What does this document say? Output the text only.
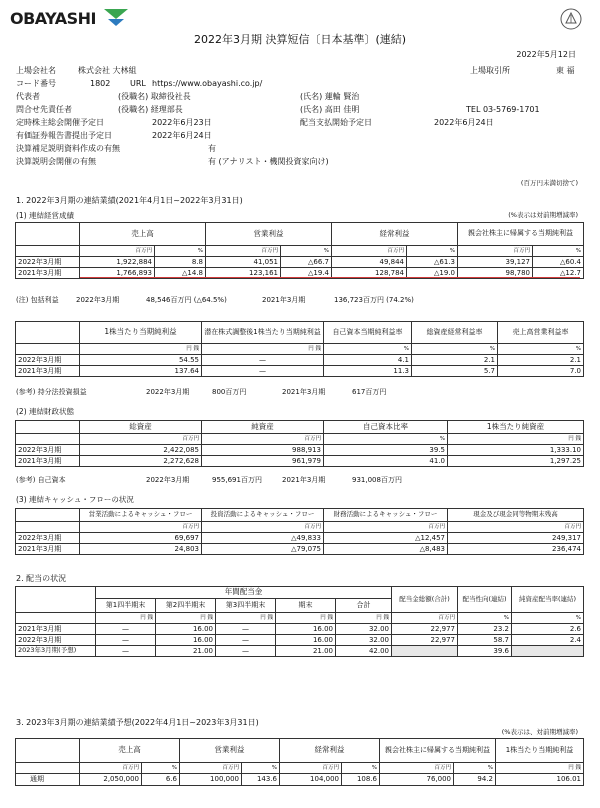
OBAYASHI
2022年3月期 決算短信〔日本基準〕(連結)
2022年5月12日
上場会社名	株式会社 大林組	上場取引所	東 福
コード番号	1802 URL https://www.obayashi.co.jp/
代表者	(役職名) 取締役社長	(氏名) 蓮輪 賢治
問合せ先責任者	(役職名) 経理部長	(氏名) 高田 佳明	TEL 03-5769-1701
定時株主総会開催予定日	2022年6月23日	配当支払開始予定日	2022年6月24日
有価証券報告書提出予定日	2022年6月24日
決算補足説明資料作成の有無	有
決算説明会開催の有無	有 (アナリスト・機関投資家向け)
(百万円未満切捨て)
1. 2022年3月期の連結業績(2021年4月1日~2022年3月31日)
(1) 連結経営成績	(%表示は対前期増減率)
	売上高		営業利益		経常利益		親会社株主に帰属する当期純利益	
	百万円	%	百万円	%	百万円	%	百万円	%
2022年3月期	1,922,884	8.8	41,051	△66.7	49,844	△61.3	39,127	△60.4
2021年3月期	1,766,893	△14.8	123,161	△19.4	128,784	△19.0	98,780	△12.7
(注) 包括利益 2022年3月期	48,546百万円 (△64.5%)	2021年3月期	136,723百万円 (74.2%)
	1株当たり当期純利益	潜在株式調整後1株当たり当期純利益	自己資本当期純利益率	総資産経常利益率	売上高営業利益率
	円 銭	円 銭	%	%	%
2022年3月期	54.55	—	4.1	2.1	2.1
2021年3月期	137.64	—	11.3	5.7	7.0
(参考) 持分法投資損益	2022年3月期	800百万円	2021年3月期	617百万円
(2) 連結財政状態
	総資産	純資産	自己資本比率	1株当たり純資産
	百万円	百万円	%	円 銭
2022年3月期	2,422,085	988,913	39.5	1,333.10
2021年3月期	2,272,628	961,979	41.0	1,297.25
(参考) 自己資本	2022年3月期	955,691百万円	2021年3月期	931,008百万円
(3) 連結キャッシュ・フローの状況
	営業活動によるキャッシュ・フロー	投資活動によるキャッシュ・フロー	財務活動によるキャッシュ・フロー	現金及び現金同等物期末残高
	百万円	百万円	百万円	百万円
2022年3月期	69,697	△49,833	△12,457	249,317
2021年3月期	24,803	△79,075	△8,483	236,474
2. 配当の状況
	年間配当金					配当金総額(合計)	配当性向(連結)	純資産配当率(連結)
	第1四半期末	第2四半期末	第3四半期末	期末	合計			
	円 銭	円 銭	円 銭	円 銭	円 銭	百万円	%	%
2021年3月期	—	16.00	—	16.00	32.00	22,977	23.2	2.6
2022年3月期	—	16.00	—	16.00	32.00	22,977	58.7	2.4
2023年3月期(予想)	—	21.00	—	21.00	42.00		39.6	
3. 2023年3月期の連結業績予想(2022年4月1日~2023年3月31日)
(%表示は、対前期増減率)
	売上高		営業利益		経常利益		親会社株主に帰属する当期純利益		1株当たり当期純利益
	百万円	%	百万円	%	百万円	%	百万円	%	円 銭
通期	2,050,000	6.6	100,000	143.6	104,000	108.6	76,000	94.2	106.01
